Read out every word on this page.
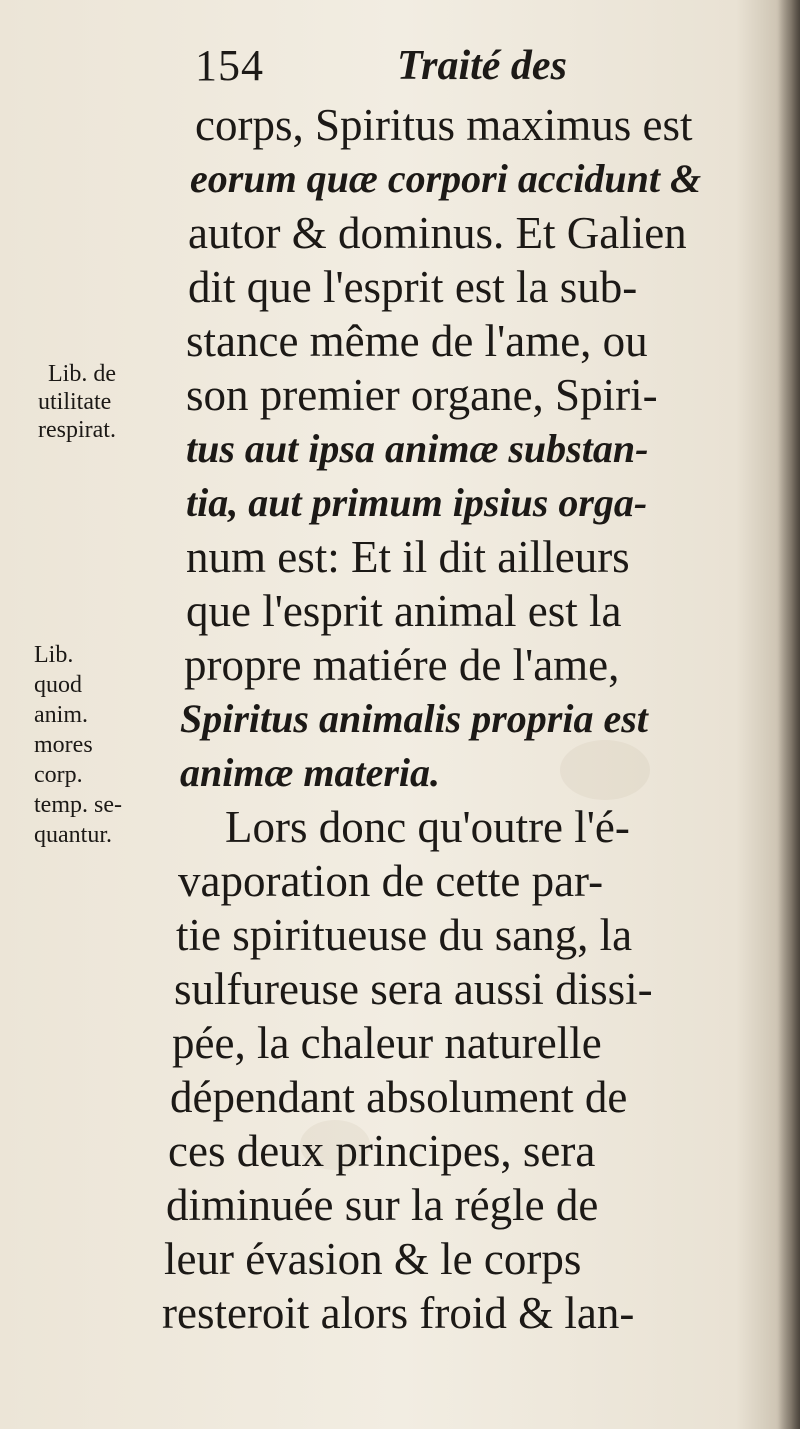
154	Traité des
corps, Spiritus maximus est
eorum quæ corpori accidunt &
autor & dominus. Et Galien
dit que l'esprit est la sub-
stance même de l'ame, ou
son premier organe, Spiri-
tus aut ipsa animæ substan-
tia, aut primum ipsius orga-
num est: Et il dit ailleurs
que l'esprit animal est la
propre matiére de l'ame,
Spiritus animalis propria est
animæ materia.
Lors donc qu'outre l'é-
vaporation de cette par-
tie spiritueuse du sang, la
sulfureuse sera aussi dissi-
pée, la chaleur naturelle
dépendant absolument de
ces deux principes, sera
diminuée sur la régle de
leur évasion & le corps
resteroit alors froid & lan-
Lib. de
utilitate
respirat.
Lib.
quod
anim.
mores
corp.
temp. se-
quantur.
